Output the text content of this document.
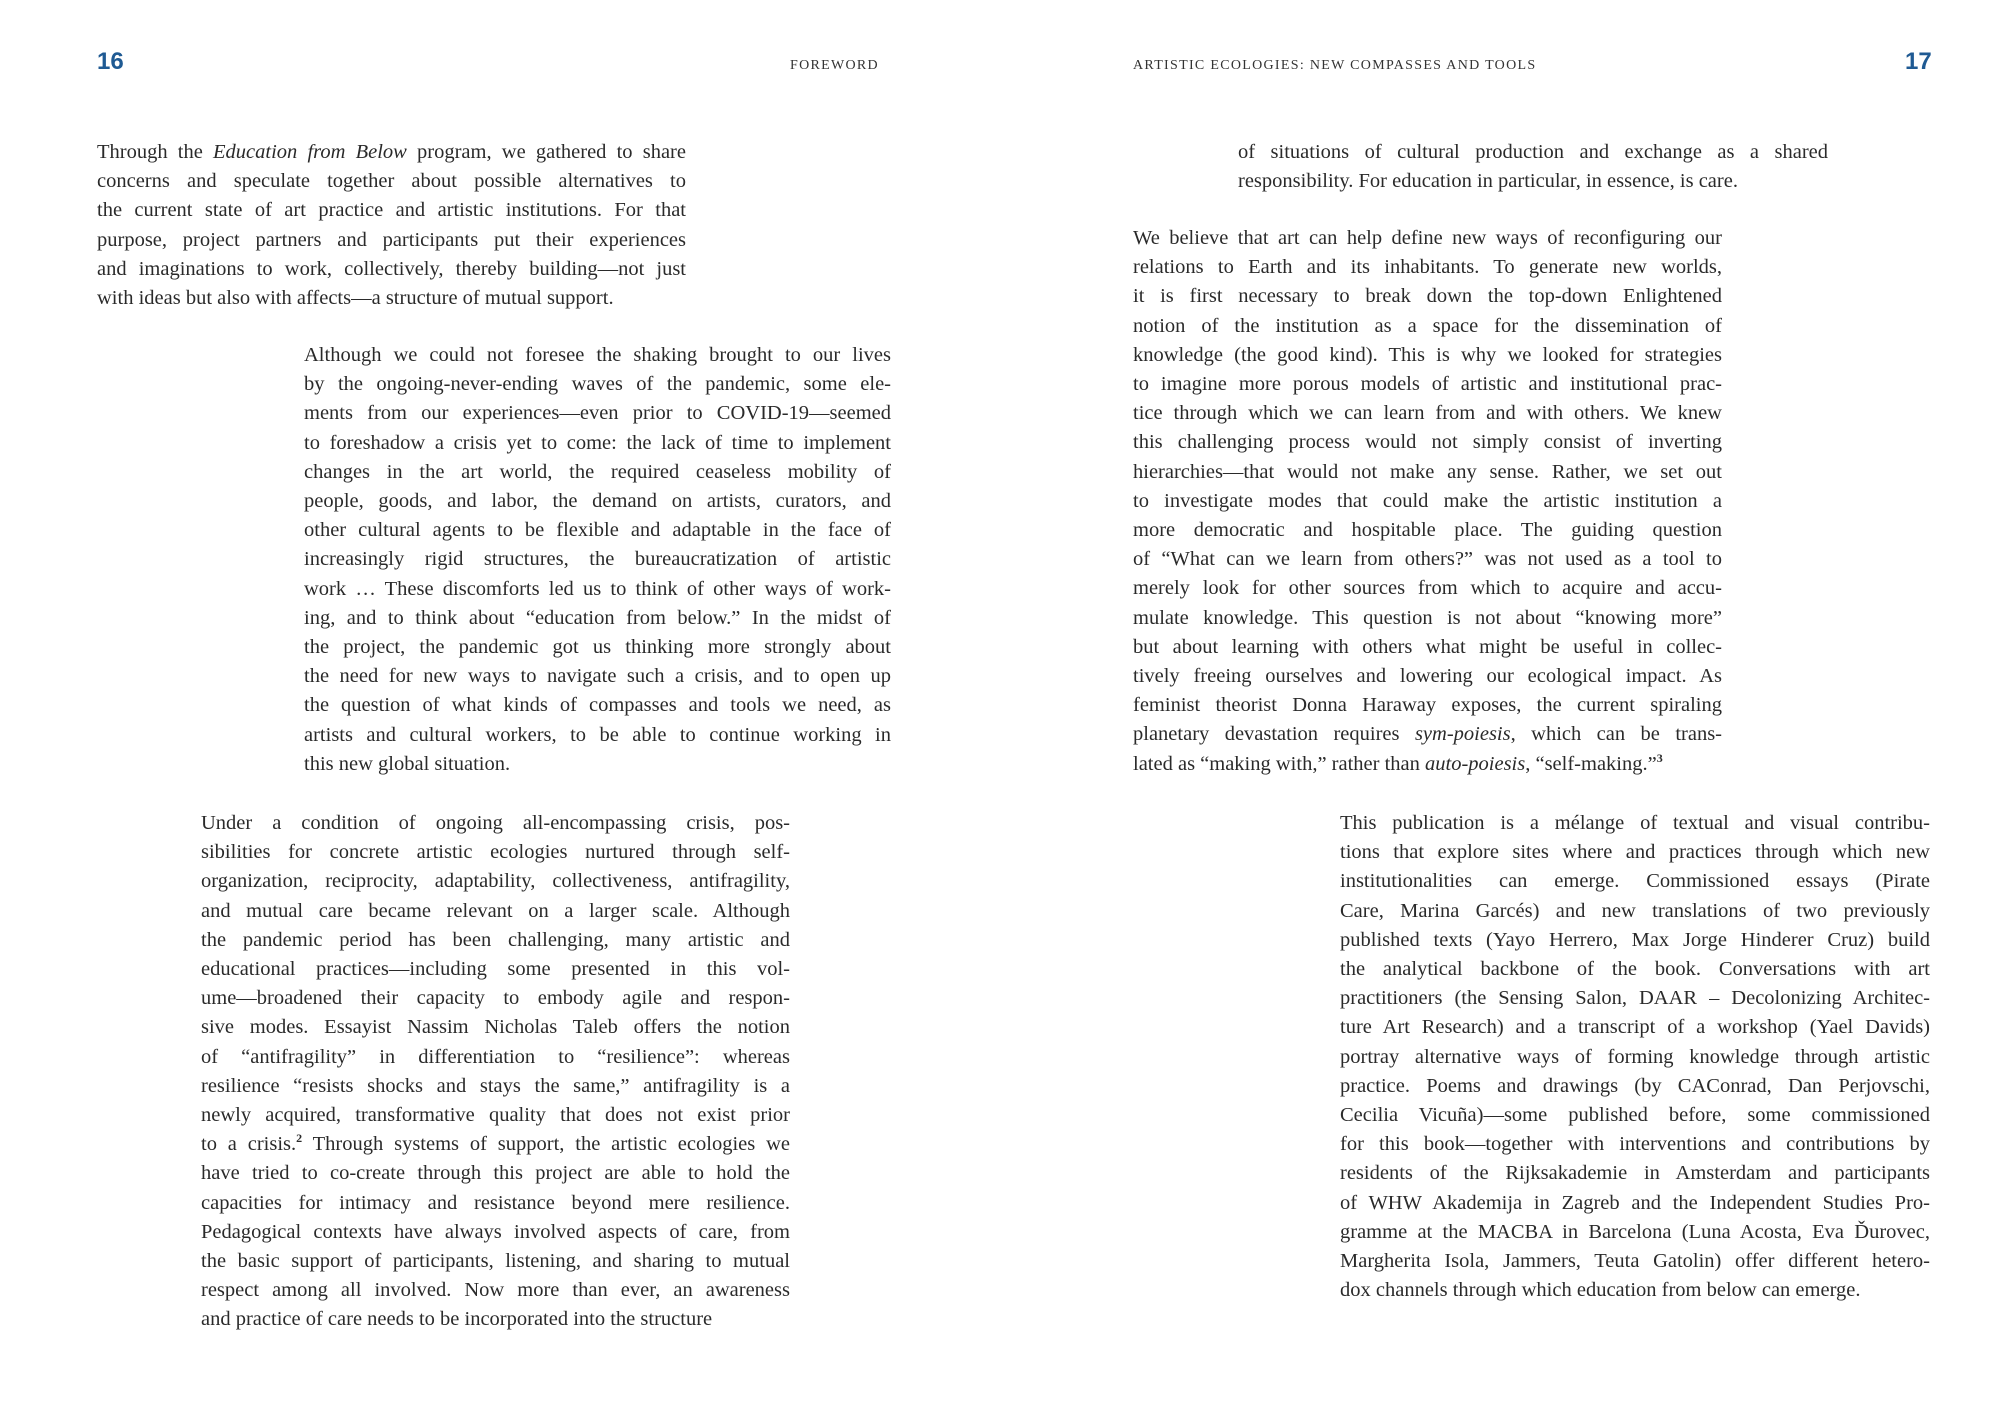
16	FOREWORD
Through the Education from Below program, we gathered to share
concerns and speculate together about possible alternatives to
the current state of art practice and artistic institutions. For that
purpose, project partners and participants put their experiences
and imaginations to work, collectively, thereby building—not just
with ideas but also with affects—a structure of mutual support.
Although we could not foresee the shaking brought to our lives
by the ongoing-never-ending waves of the pandemic, some ele-
ments from our experiences—even prior to COVID-19—seemed
to foreshadow a crisis yet to come: the lack of time to implement
changes in the art world, the required ceaseless mobility of
people, goods, and labor, the demand on artists, curators, and
other cultural agents to be flexible and adaptable in the face of
increasingly rigid structures, the bureaucratization of artistic
work … These discomforts led us to think of other ways of work-
ing, and to think about “education from below.” In the midst of
the project, the pandemic got us thinking more strongly about
the need for new ways to navigate such a crisis, and to open up
the question of what kinds of compasses and tools we need, as
artists and cultural workers, to be able to continue working in
this new global situation.
Under a condition of ongoing all-encompassing crisis, pos-
sibilities for concrete artistic ecologies nurtured through self-
organization, reciprocity, adaptability, collectiveness, antifragility,
and mutual care became relevant on a larger scale. Although
the pandemic period has been challenging, many artistic and
educational practices—including some presented in this vol-
ume—broadened their capacity to embody agile and respon-
sive modes. Essayist Nassim Nicholas Taleb offers the notion
of “antifragility” in differentiation to “resilience”: whereas
resilience “resists shocks and stays the same,” antifragility is a
newly acquired, transformative quality that does not exist prior
to a crisis.$^2$ Through systems of support, the artistic ecologies we
have tried to co-create through this project are able to hold the
capacities for intimacy and resistance beyond mere resilience.
Pedagogical contexts have always involved aspects of care, from
the basic support of participants, listening, and sharing to mutual
respect among all involved. Now more than ever, an awareness
and practice of care needs to be incorporated into the structure
ARTISTIC ECOLOGIES: NEW COMPASSES AND TOOLS	17
of situations of cultural production and exchange as a shared
responsibility. For education in particular, in essence, is care.
We believe that art can help define new ways of reconfiguring our
relations to Earth and its inhabitants. To generate new worlds,
it is first necessary to break down the top-down Enlightened
notion of the institution as a space for the dissemination of
knowledge (the good kind). This is why we looked for strategies
to imagine more porous models of artistic and institutional prac-
tice through which we can learn from and with others. We knew
this challenging process would not simply consist of inverting
hierarchies—that would not make any sense. Rather, we set out
to investigate modes that could make the artistic institution a
more democratic and hospitable place. The guiding question
of “What can we learn from others?” was not used as a tool to
merely look for other sources from which to acquire and accu-
mulate knowledge. This question is not about “knowing more”
but about learning with others what might be useful in collec-
tively freeing ourselves and lowering our ecological impact. As
feminist theorist Donna Haraway exposes, the current spiraling
planetary devastation requires sym-poiesis, which can be trans-
lated as “making with,” rather than auto-poiesis, “self-making.”$^3$
This publication is a mélange of textual and visual contribu-
tions that explore sites where and practices through which new
institutionalities can emerge. Commissioned essays (Pirate
Care, Marina Garcés) and new translations of two previously
published texts (Yayo Herrero, Max Jorge Hinderer Cruz) build
the analytical backbone of the book. Conversations with art
practitioners (the Sensing Salon, DAAR – Decolonizing Architec-
ture Art Research) and a transcript of a workshop (Yael Davids)
portray alternative ways of forming knowledge through artistic
practice. Poems and drawings (by CAConrad, Dan Perjovschi,
Cecilia Vicuña)—some published before, some commissioned
for this book—together with interventions and contributions by
residents of the Rijksakademie in Amsterdam and participants
of WHW Akademija in Zagreb and the Independent Studies Pro-
gramme at the MACBA in Barcelona (Luna Acosta, Eva Ďurovec,
Margherita Isola, Jammers, Teuta Gatolin) offer different hetero-
dox channels through which education from below can emerge.
